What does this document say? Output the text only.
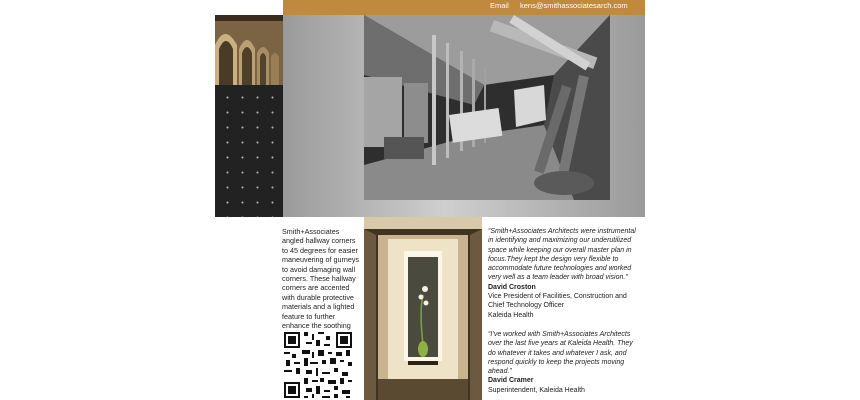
Email kens@smithassociatesarch.com
Smith+Associates angled hallway corners to 45 degrees for easier maneuvering of gurneys to avoid damaging wall corners. These hallway corners are accented with durable protective materials and a lighted feature to further enhance the soothing

“Smith+Associates Architects were instrumental in identifying and maximizing our underutilized space while keeping our overall master plan in focus.They kept the design very flexible to accommodate future technologies and worked very well as a team leader with broad vision.”

David Croston

Vice President of Facilities, Construction and Chief Technology Officer

Kaleida Health

“I’ve worked with Smith+Associates Architects over the last five years at Kaleida Health. They do whatever it takes and whatever I ask, and respond quickly to keep the projects moving ahead.”

David Cramer

Superintendent, Kaleida Health
